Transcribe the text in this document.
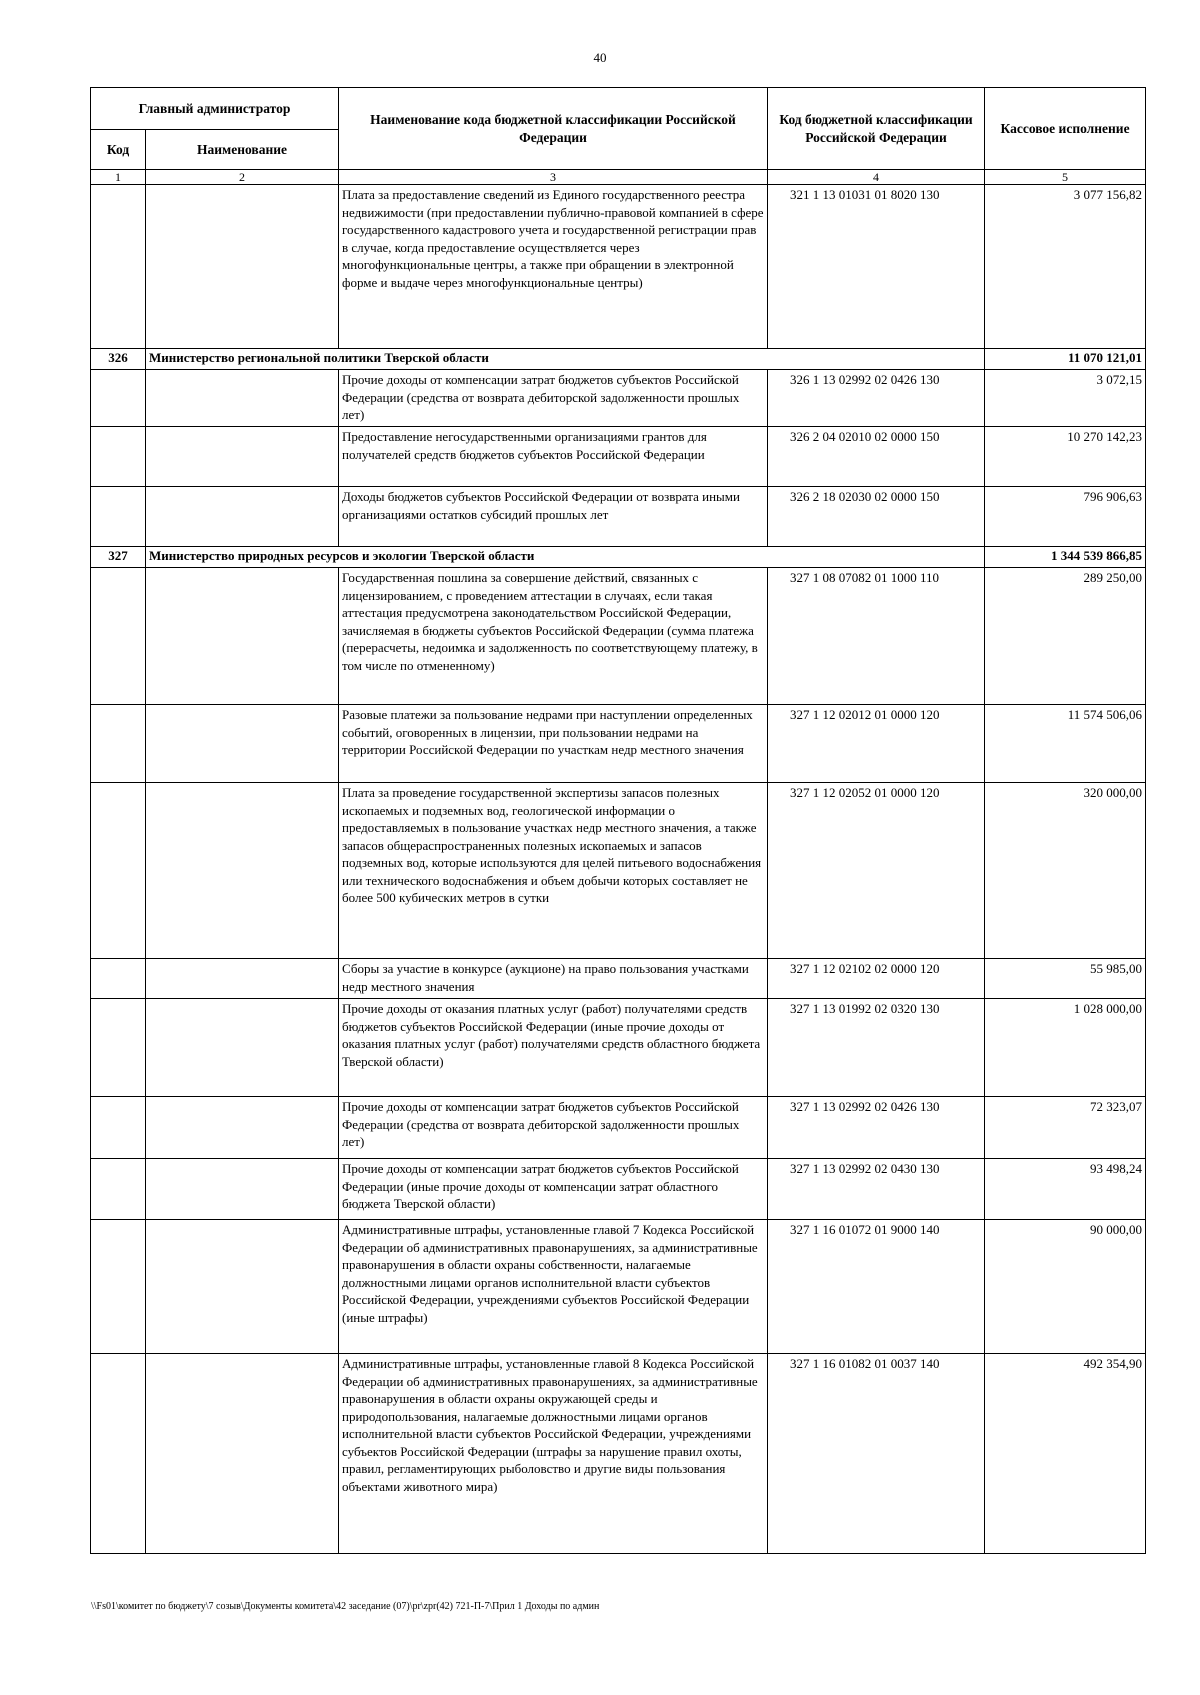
40
Главный администратор		Наименование кода бюджетной классификации Российской Федерации	Код бюджетной классификации Российской Федерации	Кассовое исполнение
Код	Наименование			
1	2	3	4	5
		Плата за предоставление сведений из Единого государственного реестра недвижимости (при предоставлении публично-правовой компанией в сфере государственного кадастрового учета и государственной регистрации прав в случае, когда предоставление осуществляется через многофункциональные центры, а также при обращении в электронной форме и выдаче через многофункциональные центры)	321 1 13 01031 01 8020 130	3 077 156,82
326	Министерство региональной политики Тверской области			11 070 121,01
		Прочие доходы от компенсации затрат бюджетов субъектов Российской Федерации (средства от возврата дебиторской задолженности прошлых лет)	326 1 13 02992 02 0426 130	3 072,15
		Предоставление негосударственными организациями грантов для получателей средств бюджетов субъектов Российской Федерации	326 2 04 02010 02 0000 150	10 270 142,23
		Доходы бюджетов субъектов Российской Федерации от возврата иными организациями остатков субсидий прошлых лет	326 2 18 02030 02 0000 150	796 906,63
327	Министерство природных ресурсов и экологии Тверской области			1 344 539 866,85
		Государственная пошлина за совершение действий, связанных с лицензированием, с проведением аттестации в случаях, если такая аттестация предусмотрена законодательством Российской Федерации, зачисляемая в бюджеты субъектов Российской Федерации (сумма платежа (перерасчеты, недоимка и задолженность по соответствующему платежу, в том числе по отмененному)	327 1 08 07082 01 1000 110	289 250,00
		Разовые платежи за пользование недрами при наступлении определенных событий, оговоренных в лицензии, при пользовании недрами на территории Российской Федерации по участкам недр местного значения	327 1 12 02012 01 0000 120	11 574 506,06
		Плата за проведение государственной экспертизы запасов полезных ископаемых и подземных вод, геологической информации о предоставляемых в пользование участках недр местного значения, а также запасов общераспространенных полезных ископаемых и запасов подземных вод, которые используются для целей питьевого водоснабжения или технического водоснабжения и объем добычи которых составляет не более 500 кубических метров в сутки	327 1 12 02052 01 0000 120	320 000,00
		Сборы за участие в конкурсе (аукционе) на право пользования участками недр местного значения	327 1 12 02102 02 0000 120	55 985,00
		Прочие доходы от оказания платных услуг (работ) получателями средств бюджетов субъектов Российской Федерации (иные прочие доходы от оказания платных услуг (работ) получателями средств областного бюджета Тверской области)	327 1 13 01992 02 0320 130	1 028 000,00
		Прочие доходы от компенсации затрат бюджетов субъектов Российской Федерации (средства от возврата дебиторской задолженности прошлых лет)	327 1 13 02992 02 0426 130	72 323,07
		Прочие доходы от компенсации затрат бюджетов субъектов Российской Федерации (иные прочие доходы от компенсации затрат областного бюджета Тверской области)	327 1 13 02992 02 0430 130	93 498,24
		Административные штрафы, установленные главой 7 Кодекса Российской Федерации об административных правонарушениях, за административные правонарушения в области охраны собственности, налагаемые должностными лицами органов исполнительной власти субъектов Российской Федерации, учреждениями субъектов Российской Федерации (иные штрафы)	327 1 16 01072 01 9000 140	90 000,00
		Административные штрафы, установленные главой 8 Кодекса Российской Федерации об административных правонарушениях, за административные правонарушения в области охраны окружающей среды и природопользования, налагаемые должностными лицами органов исполнительной власти субъектов Российской Федерации, учреждениями субъектов Российской Федерации (штрафы за нарушение правил охоты, правил, регламентирующих рыболовство и другие виды пользования объектами животного мира)	327 1 16 01082 01 0037 140	492 354,90
\\Fs01\комитет по бюджету\7 созыв\Документы комитета\42 заседание (07)\pr\zpr(42) 721-П-7\Прил 1 Доходы по админ
